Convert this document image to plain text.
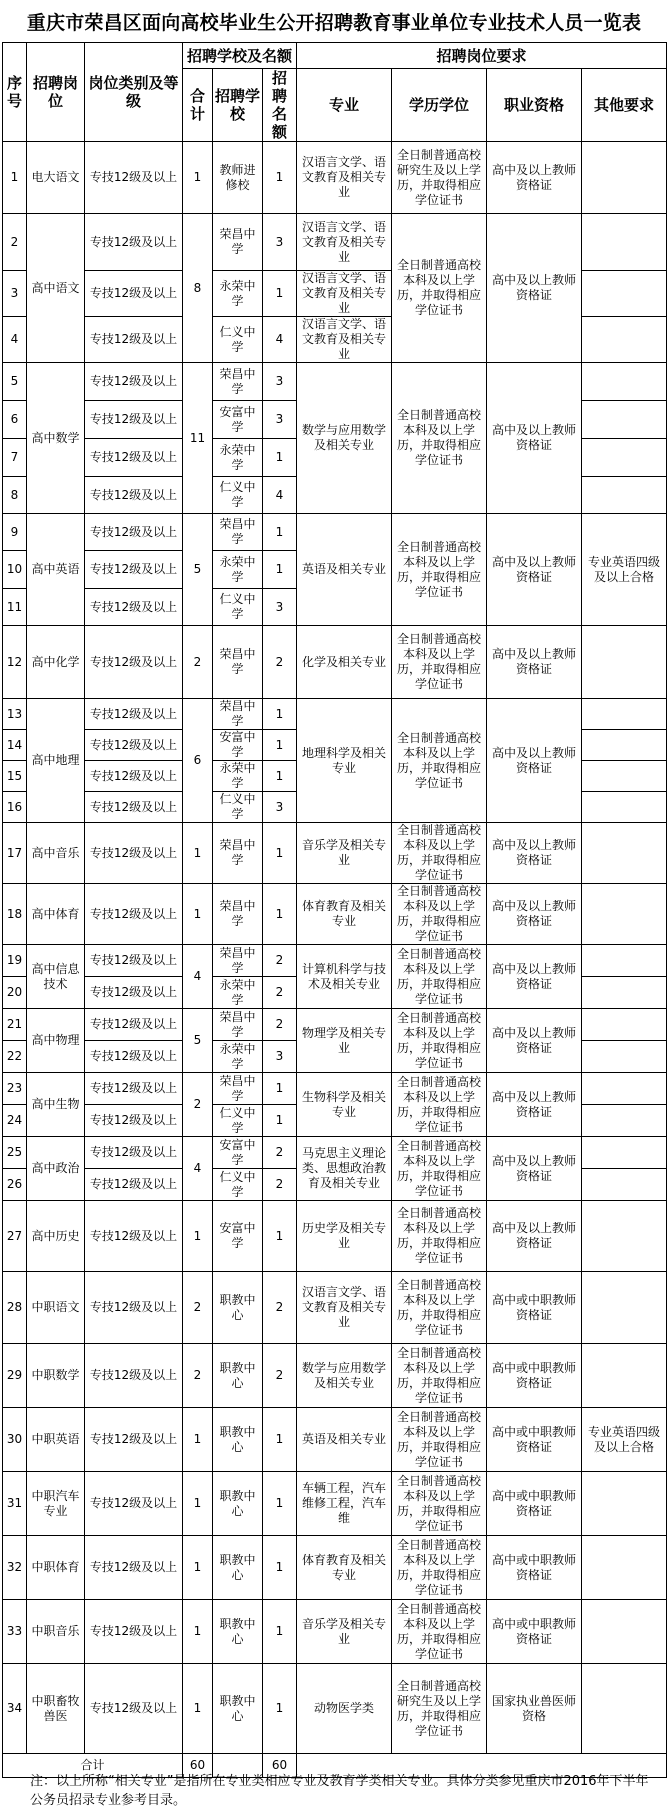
重庆市荣昌区面向高校毕业生公开招聘教育事业单位专业技术人员一览表
序号	招聘岗位	岗位类别及等级	招聘学校及名额			招聘岗位要求			
			合计	招聘学校	招聘名额	专业	学历学位	职业资格	其他要求
1	电大语文	专技12级及以上	1	教师进修校	1	汉语言文学、语文教育及相关专业	全日制普通高校研究生及以上学历，并取得相应学位证书	高中及以上教师资格证	
2	高中语文	专技12级及以上	8	荣昌中学	3	汉语言文学、语文教育及相关专业	全日制普通高校本科及以上学历，并取得相应学位证书	高中及以上教师资格证	
3		专技12级及以上		永荣中学	1	汉语言文学、语文教育及相关专业			
4		专技12级及以上		仁义中学	4	汉语言文学、语文教育及相关专业			
5	高中数学	专技12级及以上	11	荣昌中学	3	数学与应用数学及相关专业	全日制普通高校本科及以上学历，并取得相应学位证书	高中及以上教师资格证	
6		专技12级及以上		安富中学	3				
7		专技12级及以上		永荣中学	1				
8		专技12级及以上		仁义中学	4				
9	高中英语	专技12级及以上	5	荣昌中学	1	英语及相关专业	全日制普通高校本科及以上学历，并取得相应学位证书	高中及以上教师资格证	专业英语四级及以上合格
10		专技12级及以上		永荣中学	1				
11		专技12级及以上		仁义中学	3				
12	高中化学	专技12级及以上	2	荣昌中学	2	化学及相关专业	全日制普通高校本科及以上学历，并取得相应学位证书	高中及以上教师资格证	
13	高中地理	专技12级及以上	6	荣昌中学	1	地理科学及相关专业	全日制普通高校本科及以上学历，并取得相应学位证书	高中及以上教师资格证	
14		专技12级及以上		安富中学	1				
15		专技12级及以上		永荣中学	1				
16		专技12级及以上		仁义中学	3				
17	高中音乐	专技12级及以上	1	荣昌中学	1	音乐学及相关专业	全日制普通高校本科及以上学历，并取得相应学位证书	高中及以上教师资格证	
18	高中体育	专技12级及以上	1	荣昌中学	1	体育教育及相关专业	全日制普通高校本科及以上学历，并取得相应学位证书	高中及以上教师资格证	
19	高中信息技术	专技12级及以上	4	荣昌中学	2	计算机科学与技术及相关专业	全日制普通高校本科及以上学历，并取得相应学位证书	高中及以上教师资格证	
20		专技12级及以上		永荣中学	2				
21	高中物理	专技12级及以上	5	荣昌中学	2	物理学及相关专业	全日制普通高校本科及以上学历，并取得相应学位证书	高中及以上教师资格证	
22		专技12级及以上		永荣中学	3				
23	高中生物	专技12级及以上	2	荣昌中学	1	生物科学及相关专业	全日制普通高校本科及以上学历，并取得相应学位证书	高中及以上教师资格证	
24		专技12级及以上		仁义中学	1				
25	高中政治	专技12级及以上	4	安富中学	2	马克思主义理论类、思想政治教育及相关专业	全日制普通高校本科及以上学历，并取得相应学位证书	高中及以上教师资格证	
26		专技12级及以上		仁义中学	2				
27	高中历史	专技12级及以上	1	安富中学	1	历史学及相关专业	全日制普通高校本科及以上学历，并取得相应学位证书	高中及以上教师资格证	
28	中职语文	专技12级及以上	2	职教中心	2	汉语言文学、语文教育及相关专业	全日制普通高校本科及以上学历，并取得相应学位证书	高中或中职教师资格证	
29	中职数学	专技12级及以上	2	职教中心	2	数学与应用数学及相关专业	全日制普通高校本科及以上学历，并取得相应学位证书	高中或中职教师资格证	
30	中职英语	专技12级及以上	1	职教中心	1	英语及相关专业	全日制普通高校本科及以上学历，并取得相应学位证书	高中或中职教师资格证	专业英语四级及以上合格
31	中职汽车专业	专技12级及以上	1	职教中心	1	车辆工程，汽车维修工程，汽车维	全日制普通高校本科及以上学历，并取得相应学位证书	高中或中职教师资格证	
32	中职体育	专技12级及以上	1	职教中心	1	体育教育及相关专业	全日制普通高校本科及以上学历，并取得相应学位证书	高中或中职教师资格证	
33	中职音乐	专技12级及以上	1	职教中心	1	音乐学及相关专业	全日制普通高校本科及以上学历，并取得相应学位证书	高中或中职教师资格证	
34	中职畜牧兽医	专技12级及以上	1	职教中心	1	动物医学类	全日制普通高校研究生及以上学历，并取得相应学位证书	国家执业兽医师资格	
合计			60		60				
注：以上所称“相关专业”是指所在专业类相应专业及教育学类相关专业。具体分类参见重庆市2016年下半年公务员招录专业参考目录。
